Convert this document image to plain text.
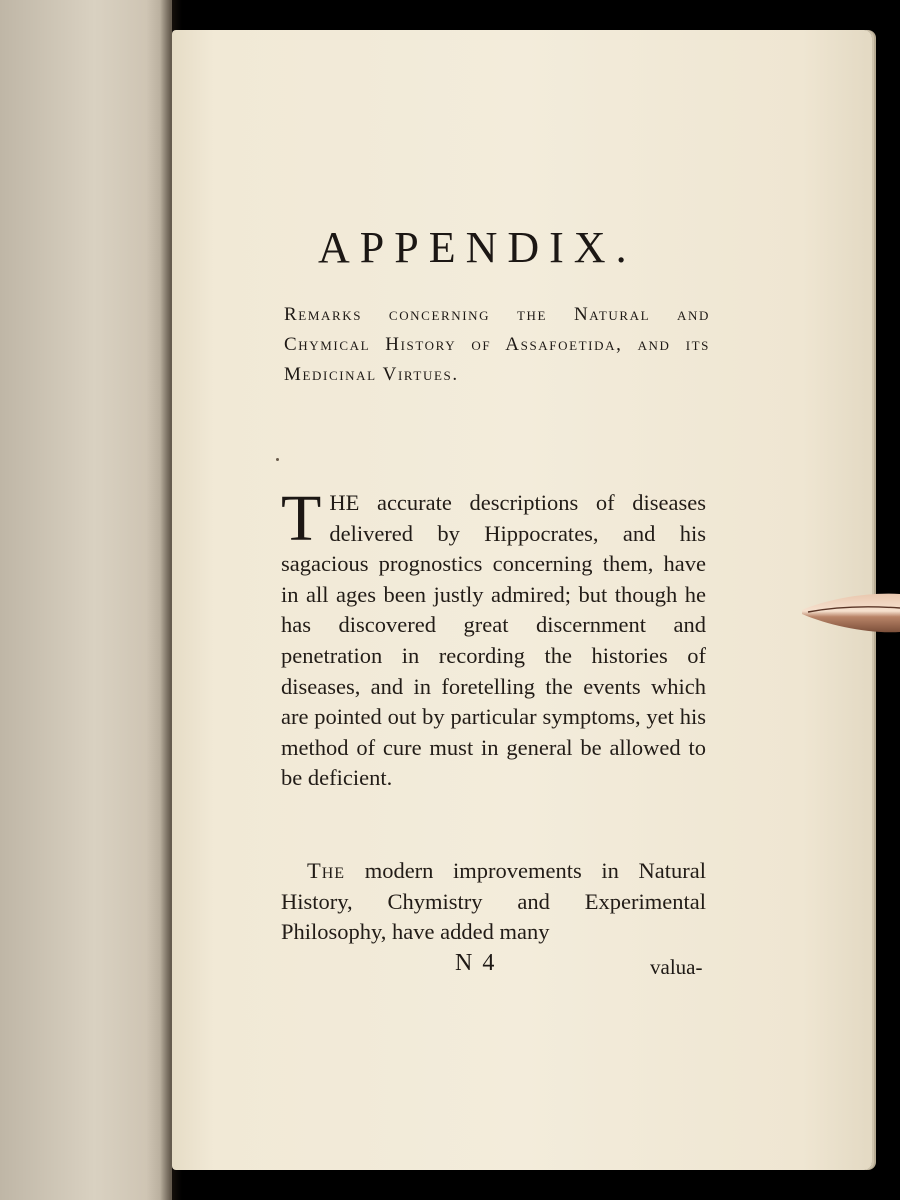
APPENDIX.
Remarks concerning the Natural and Chymical History of Assafoetida, and its Medicinal Virtues.
T HE accurate descriptions of diseases delivered by Hippocrates, and his sagacious prognostics concerning them, have in all ages been justly admired; but though he has discovered great discernment and penetration in recording the histories of diseases, and in foretelling the events which are pointed out by particular symptoms, yet his method of cure must in general be allowed to be deficient.
The modern improvements in Natural History, Chymistry and Experimental Philosophy, have added many
N 4	valua-
